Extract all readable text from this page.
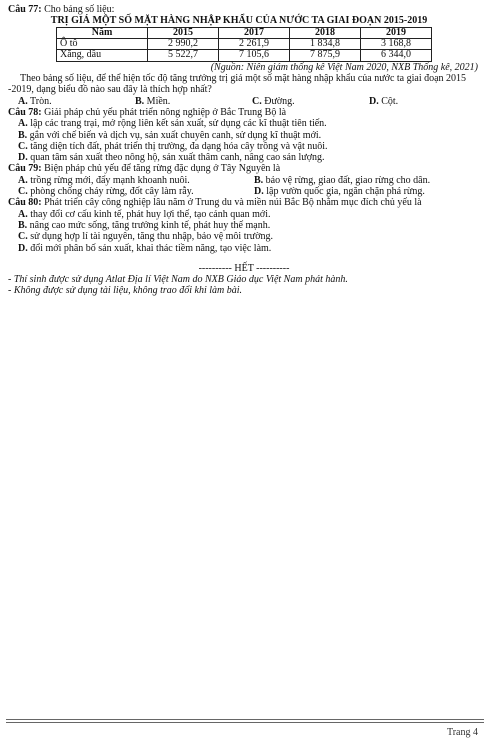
Câu 77: Cho bảng số liệu:
TRỊ GIÁ MỘT SỐ MẶT HÀNG NHẬP KHẨU CỦA NƯỚC TA GIAI ĐOẠN 2015-2019
Năm	2015	2017	2018	2019
Ô tô	2 990,2	2 261,9	1 834,8	3 168,8
Xăng, dầu	5 522,7	7 105,6	7 875,9	6 344,0
(Nguồn: Niên giám thống kê Việt Nam 2020, NXB Thống kê, 2021)
Theo bảng số liệu, để thể hiện tốc độ tăng trưởng trị giá một số mặt hàng nhập khẩu của nước ta giai đoạn 2015 -2019, dạng biểu đồ nào sau đây là thích hợp nhất?
A. Tròn.	B. Miền.	C. Đường.	D. Cột.
Câu 78: Giải pháp chủ yếu phát triển nông nghiệp ở Bắc Trung Bộ là
A. lập các trang trại, mở rộng liên kết sản xuất, sử dụng các kĩ thuật tiên tiến.
B. gắn với chế biến và dịch vụ, sản xuất chuyên canh, sử dụng kĩ thuật mới.
C. tăng diện tích đất, phát triển thị trường, đa dạng hóa cây trồng và vật nuôi.
D. quan tâm sản xuất theo nông hộ, sản xuất thâm canh, nâng cao sản lượng.
Câu 79: Biện pháp chủ yếu để tăng rừng đặc dụng ở Tây Nguyên là
A. trồng rừng mới, đẩy mạnh khoanh nuôi.	B. bảo vệ rừng, giao đất, giao rừng cho dân.
C. phòng chống cháy rừng, đốt cây làm rẫy.	D. lập vườn quốc gia, ngăn chặn phá rừng.
Câu 80: Phát triển cây công nghiệp lâu năm ở Trung du và miền núi Bắc Bộ nhằm mục đích chủ yếu là
A. thay đổi cơ cấu kinh tế, phát huy lợi thế, tạo cảnh quan mới.
B. nâng cao mức sống, tăng trưởng kinh tế, phát huy thế mạnh.
C. sử dụng hợp lí tài nguyên, tăng thu nhập, bảo vệ môi trường.
D. đổi mới phân bố sản xuất, khai thác tiềm năng, tạo việc làm.
---------- HẾT ----------
- Thí sinh được sử dụng Atlat Địa lí Việt Nam do NXB Giáo dục Việt Nam phát hành.
- Không được sử dụng tài liệu, không trao đổi khi làm bài.
Trang 4
